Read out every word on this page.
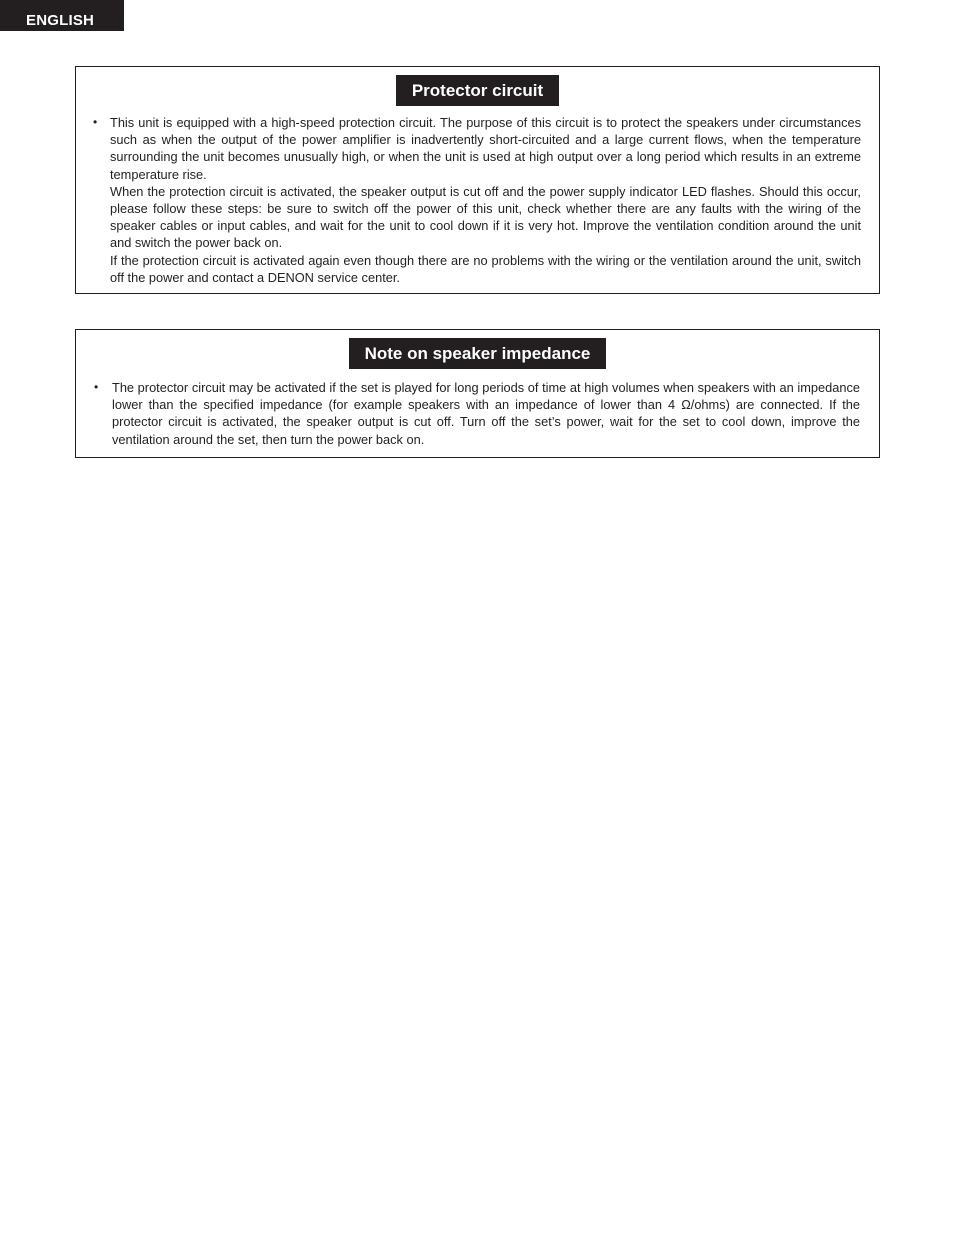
ENGLISH
Protector circuit
• This unit is equipped with a high-speed protection circuit. The purpose of this circuit is to protect the speakers under circumstances such as when the output of the power amplifier is inadvertently short-circuited and a large current flows, when the temperature surrounding the unit becomes unusually high, or when the unit is used at high output over a long period which results in an extreme temperature rise.

When the protection circuit is activated, the speaker output is cut off and the power supply indicator LED flashes. Should this occur, please follow these steps: be sure to switch off the power of this unit, check whether there are any faults with the wiring of the speaker cables or input cables, and wait for the unit to cool down if it is very hot. Improve the ventilation condition around the unit and switch the power back on.

If the protection circuit is activated again even though there are no problems with the wiring or the ventilation around the unit, switch off the power and contact a DENON service center.

Note on speaker impedance
• The protector circuit may be activated if the set is played for long periods of time at high volumes when speakers with an impedance lower than the specified impedance (for example speakers with an impedance of lower than 4 Ω/ohms) are connected. If the protector circuit is activated, the speaker output is cut off. Turn off the set’s power, wait for the set to cool down, improve the ventilation around the set, then turn the power back on.
